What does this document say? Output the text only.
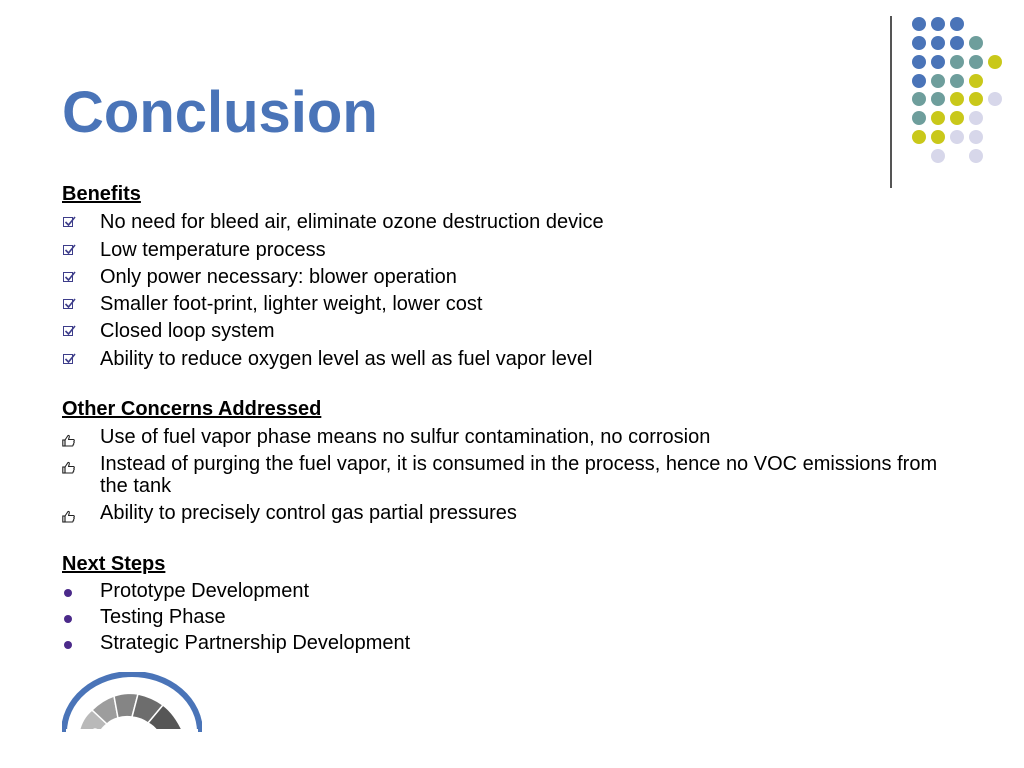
Conclusion

Benefits

No need for bleed air, eliminate ozone destruction device
Low temperature process
Only power necessary: blower operation
Smaller foot-print, lighter weight, lower cost
Closed loop system
Ability to reduce oxygen level as well as fuel vapor level

Other Concerns Addressed

Use of fuel vapor phase means no sulfur contamination, no corrosion
Instead of purging the fuel vapor, it is consumed in the process, hence no VOC emissions from the tank
Ability to precisely control gas partial pressures

Next Steps

Prototype Development
Testing Phase
Strategic Partnership Development
